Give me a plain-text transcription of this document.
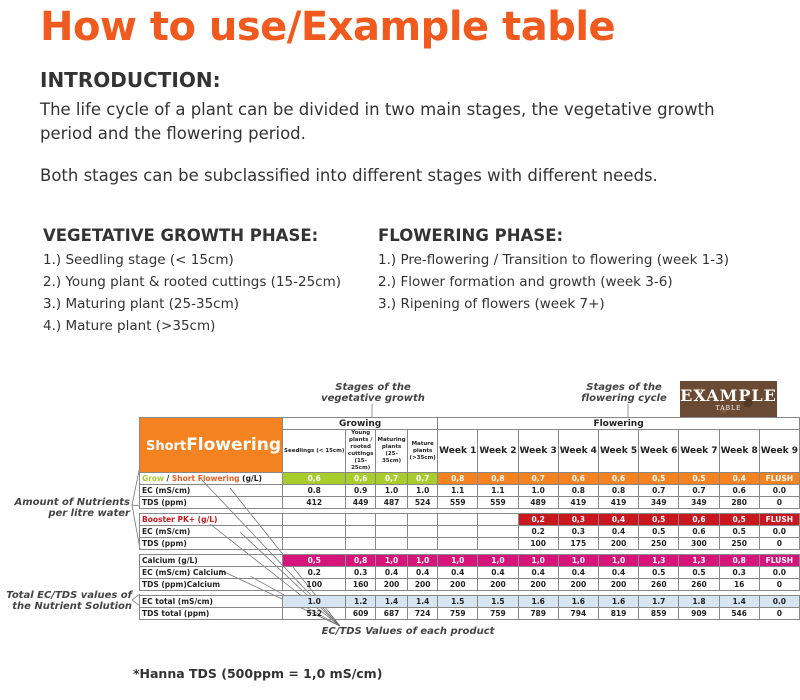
How to use/Example table
INTRODUCTION:
The life cycle of a plant can be divided in two main stages, the vegetative growth period and the flowering period.
Both stages can be subclassified into different stages with different needs.
VEGETATIVE GROWTH PHASE:
1.) Seedling stage (< 15cm)
2.) Young plant & rooted cuttings (15-25cm)
3.) Maturing plant (25-35cm)
4.) Mature plant (>35cm)
FLOWERING PHASE:
1.) Pre-flowering / Transition to flowering (week 1-3)
2.) Flower formation and growth (week 3-6)
3.) Ripening of flowers (week 7+)
Stages of the vegetative growth
Stages of the flowering cycle
Amount of Nutrients per litre water
Total EC/TDS values of the Nutrient Solution
EC/TDS Values of each product
EXAMPLE
TABLE
ShortFlowering	Growing				Flowering								
	Seedlings (< 15cm)	Young plants / rooted cuttings (15-25cm)	Maturing plants (25-35cm)	Mature plants (>35cm)	Week 1	Week 2	Week 3	Week 4	Week 5	Week 6	Week 7	Week 8	Week 9
Grow / Short Flowering (g/L)	0,6	0,6	0,7	0,7	0,8	0,8	0,7	0,6	0,6	0,5	0,5	0,4	FLUSH
EC (mS/cm)	0.8	0.9	1.0	1.0	1.1	1.1	1.0	0.8	0.8	0.7	0.7	0.6	0.0
TDS (ppm)	412	449	487	524	559	559	489	419	419	349	349	280	0

Booster PK+ (g/L)							0,2	0,3	0,4	0,5	0,6	0,5	FLUSH
EC (mS/cm)							0.2	0.3	0.4	0.5	0.6	0.5	0.0
TDS (ppm)							100	175	200	250	300	250	0

Calcium (g/L)	0,5	0,8	1,0	1,0	1,0	1,0	1,0	1,0	1,0	1,3	1,3	0,8	FLUSH
EC (mS/cm) Calcium	0.2	0.3	0.4	0.4	0.4	0.4	0.4	0.4	0.4	0.5	0.5	0.3	0.0
TDS (ppm)Calcium	100	160	200	200	200	200	200	200	200	260	260	16	0

EC total (mS/cm)	1.0	1.2	1.4	1.4	1.5	1.5	1.6	1.6	1.6	1.7	1.8	1.4	0.0
TDS total (ppm)	512	609	687	724	759	759	789	794	819	859	909	546	0
*Hanna TDS (500ppm = 1,0 mS/cm)
